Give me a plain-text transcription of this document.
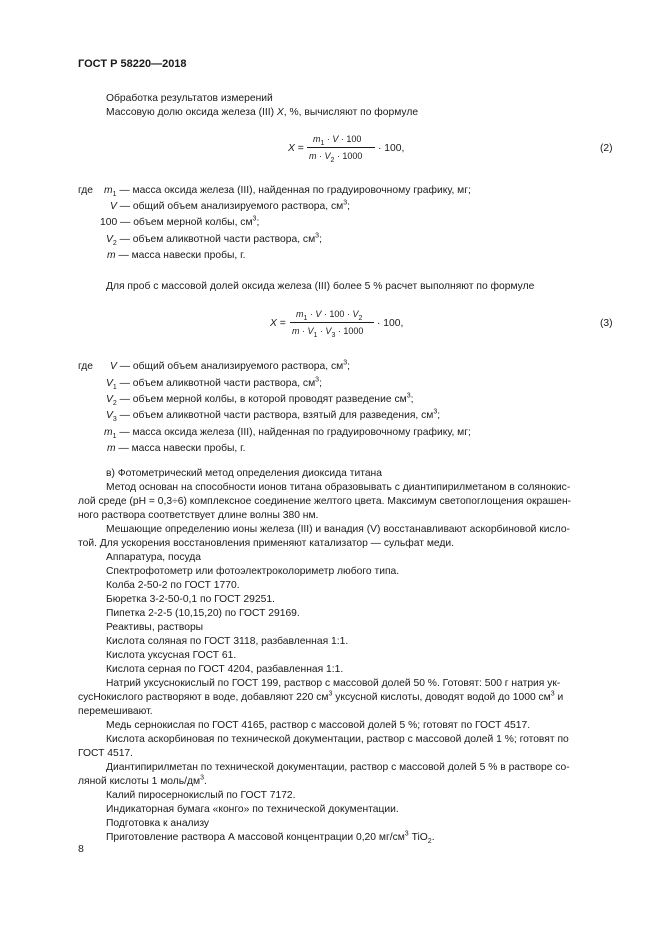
ГОСТ Р 58220—2018
Обработка результатов измерений
Массовую долю оксида железа (III) X, %, вычисляют по формуле
X =
$m_1 \cdot V \cdot 100$
$m \cdot V_2 \cdot 1000$
· 100,	(2)
где $m_1$ — масса оксида железа (III), найденная по градуировочному графику, мг;
V — общий объем анализируемого раствора, $см^3$;
100 — объем мерной колбы, $см^3$;
$V_2$ — объем аликвотной части раствора, $см^3$;
m — масса навески пробы, г.
Для проб с массовой долей оксида железа (III) более 5 % расчет выполняют по формуле
X =
$m_1 \cdot V \cdot 100 \cdot V_2$
$m \cdot V_1 \cdot V_3 \cdot 1000$
· 100,	(3)
где V — общий объем анализируемого раствора, $см^3$;
$V_1$ — объем аликвотной части раствора, $см^3$;
$V_2$ — объем мерной колбы, в которой проводят разведение $см^3$;
$V_3$ — объем аликвотной части раствора, взятый для разведения, $см^3$;
$m_1$ — масса оксида железа (III), найденная по градуировочному графику, мг;
m — масса навески пробы, г.
в) Фотометрический метод определения диоксида титана
Метод основан на способности ионов титана образовывать с диантипирилметаном в солянокис-
лой среде (рН = 0,3÷6) комплексное соединение желтого цвета. Максимум светопоглощения окрашен-
ного раствора соответствует длине волны 380 нм.
Мешающие определению ионы железа (III) и ванадия (V) восстанавливают аскорбиновой кисло-
той. Для ускорения восстановления применяют катализатор — сульфат меди.
Аппаратура, посуда
Спектрофотометр или фотоэлектроколориметр любого типа.
Колба 2-50-2 по ГОСТ 1770.
Бюретка 3-2-50-0,1 по ГОСТ 29251.
Пипетка 2-2-5 (10,15,20) по ГОСТ 29169.
Реактивы, растворы
Кислота соляная по ГОСТ 3118, разбавленная 1:1.
Кислота уксусная ГОСТ 61.
Кислота серная по ГОСТ 4204, разбавленная 1:1.
Натрий уксуснокислый по ГОСТ 199, раствор с массовой долей 50 %. Готовят: 500 г натрия ук-
сусНокислого растворяют в воде, добавляют 220 $см^3$ уксусной кислоты, доводят водой до 1000 $см^3$ и
перемешивают.
Медь сернокислая по ГОСТ 4165, раствор с массовой долей 5 %; готовят по ГОСТ 4517.
Кислота аскорбиновая по технической документации, раствор с массовой долей 1 %; готовят по
ГОСТ 4517.
Диантипирилметан по технической документации, раствор с массовой долей 5 % в растворе со-
ляной кислоты 1 моль/$дм^3$.
Калий пиросернокислый по ГОСТ 7172.
Индикаторная бумага «конго» по технической документации.
Подготовка к анализу
Приготовление раствора А массовой концентрации 0,20 $мг/см^3$ TiO$_2$.
8
